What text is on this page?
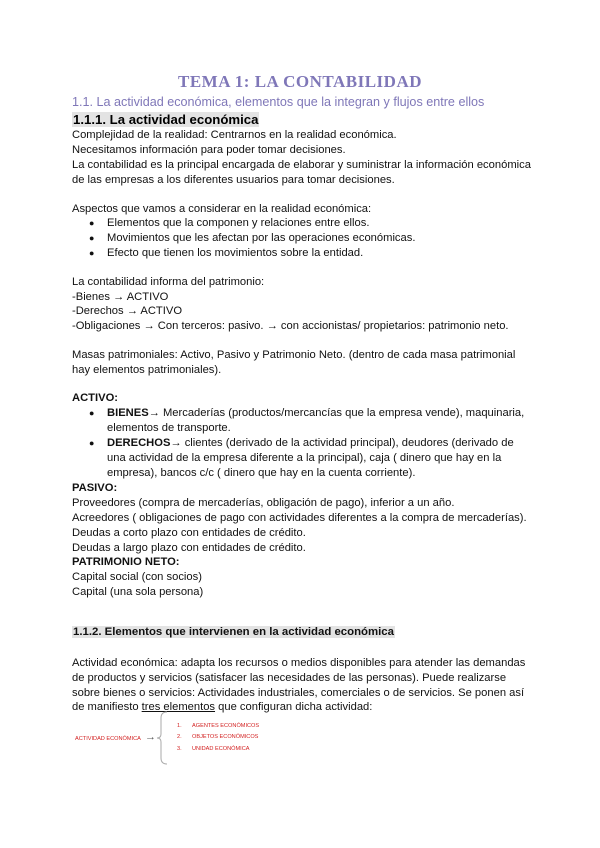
TEMA 1: LA CONTABILIDAD
1.1. La actividad económica, elementos que la integran y flujos entre ellos
1.1.1. La actividad económica
Complejidad de la realidad: Centrarnos en la realidad económica.
Necesitamos información para poder tomar decisiones.
La contabilidad es la principal encargada de elaborar y suministrar la información económica
de las empresas a los diferentes usuarios para tomar decisiones.
Aspectos que vamos a considerar en la realidad económica:
● Elementos que la componen y relaciones entre ellos.
● Movimientos que les afectan por las operaciones económicas.
● Efecto que tienen los movimientos sobre la entidad.
La contabilidad informa del patrimonio:
-Bienes → ACTIVO
-Derechos → ACTIVO
-Obligaciones → Con terceros: pasivo. → con accionistas/ propietarios: patrimonio neto.
Masas patrimoniales: Activo, Pasivo y Patrimonio Neto. (dentro de cada masa patrimonial
hay elementos patrimoniales).
ACTIVO:
● BIENES→ Mercaderías (productos/mercancías que la empresa vende), maquinaria,
elementos de transporte.
● DERECHOS→ clientes (derivado de la actividad principal), deudores (derivado de
una actividad de la empresa diferente a la principal), caja ( dinero que hay en la
empresa), bancos c/c ( dinero que hay en la cuenta corriente).
PASIVO:
Proveedores (compra de mercaderías, obligación de pago), inferior a un año.
Acreedores ( obligaciones de pago con actividades diferentes a la compra de mercaderías).
Deudas a corto plazo con entidades de crédito.
Deudas a largo plazo con entidades de crédito.
PATRIMONIO NETO:
Capital social (con socios)
Capital (una sola persona)
1.1.2. Elementos que intervienen en la actividad económica
Actividad económica: adapta los recursos o medios disponibles para atender las demandas
de productos y servicios (satisfacer las necesidades de las personas). Puede realizarse
sobre bienes o servicios: Actividades industriales, comerciales o de servicios. Se ponen así
de manifiesto tres elementos que configuran dicha actividad:
ACTIVIDAD ECONÓMICA →
1. AGENTES ECONÓMICOS
2. OBJETOS ECONÓMICOS
3. UNIDAD ECONÓMICA
